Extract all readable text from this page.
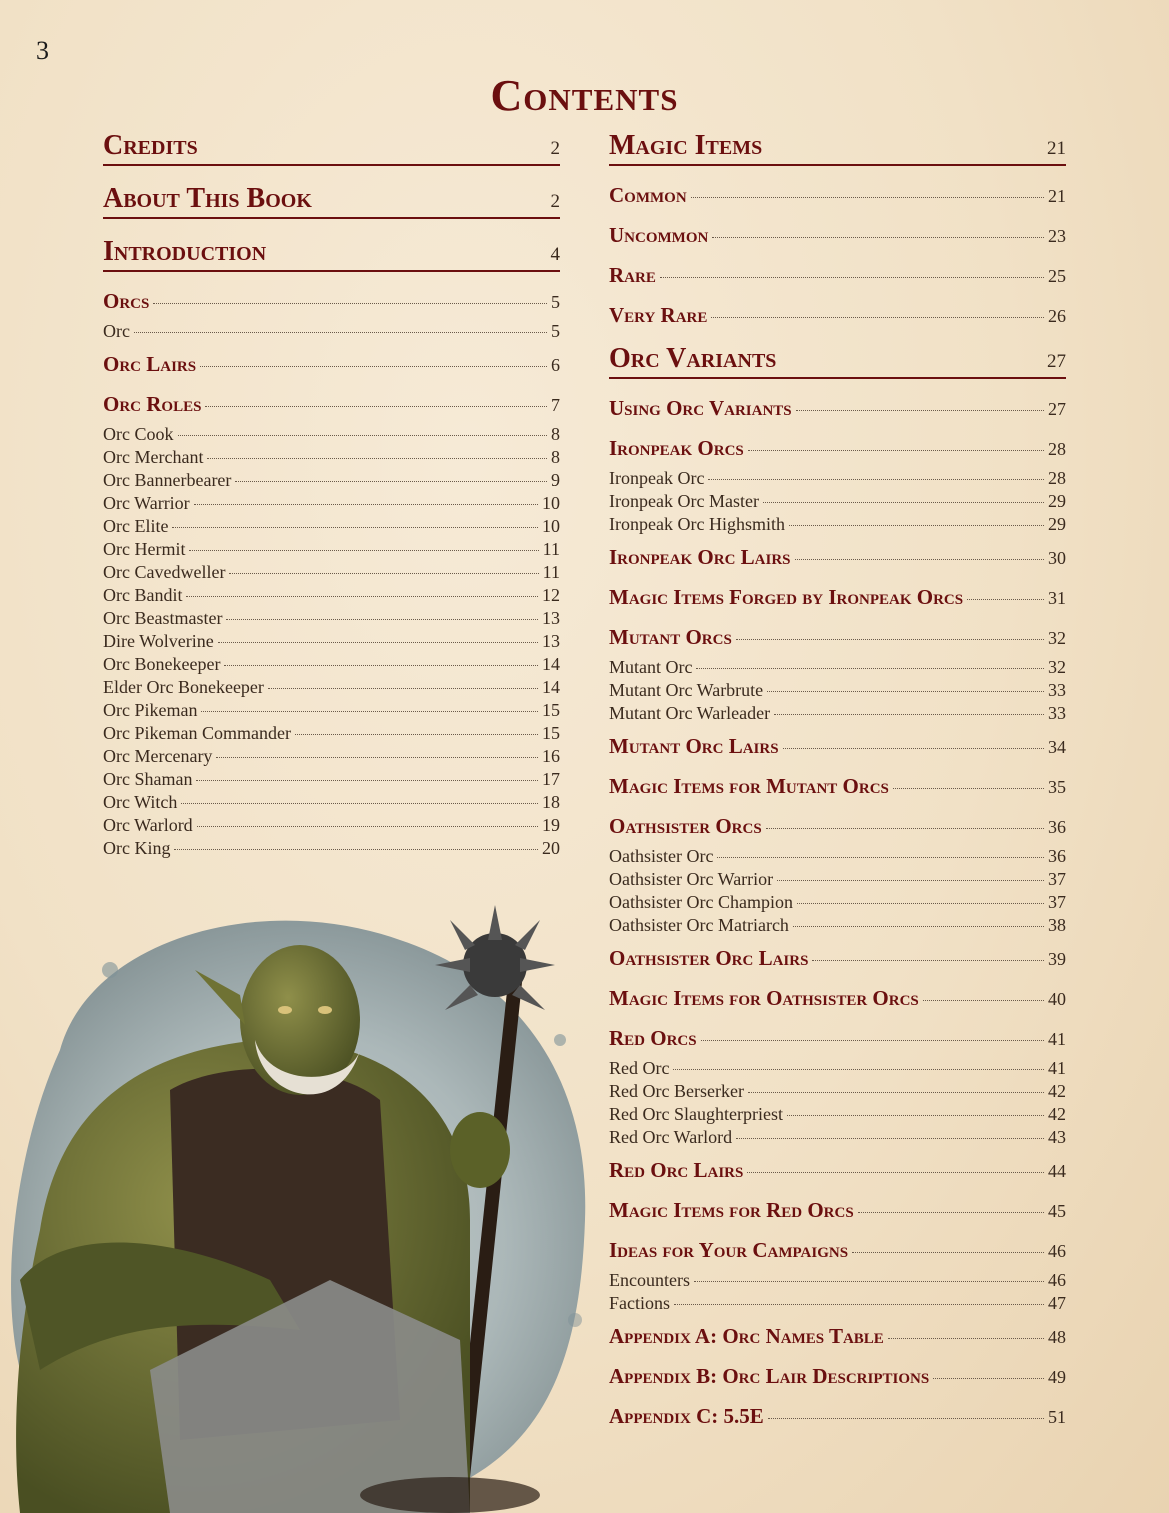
3
Contents
Credits	2
About This Book	2
Introduction	4
Orcs	5
Orc	5
Orc Lairs	6
Orc Roles	7
Orc Cook	8
Orc Merchant	8
Orc Bannerbearer	9
Orc Warrior	10
Orc Elite	10
Orc Hermit	11
Orc Cavedweller	11
Orc Bandit	12
Orc Beastmaster	13
Dire Wolverine	13
Orc Bonekeeper	14
Elder Orc Bonekeeper	14
Orc Pikeman	15
Orc Pikeman Commander	15
Orc Mercenary	16
Orc Shaman	17
Orc Witch	18
Orc Warlord	19
Orc King	20
Magic Items	21
Common	21
Uncommon	23
Rare	25
Very Rare	26
Orc Variants	27
Using Orc Variants	27
Ironpeak Orcs	28
Ironpeak Orc	28
Ironpeak Orc Master	29
Ironpeak Orc Highsmith	29
Ironpeak Orc Lairs	30
Magic Items Forged by Ironpeak Orcs	31
Mutant Orcs	32
Mutant Orc	32
Mutant Orc Warbrute	33
Mutant Orc Warleader	33
Mutant Orc Lairs	34
Magic Items for Mutant Orcs	35
Oathsister Orcs	36
Oathsister Orc	36
Oathsister Orc Warrior	37
Oathsister Orc Champion	37
Oathsister Orc Matriarch	38
Oathsister Orc Lairs	39
Magic Items for Oathsister Orcs	40
Red Orcs	41
Red Orc	41
Red Orc Berserker	42
Red Orc Slaughterpriest	42
Red Orc Warlord	43
Red Orc Lairs	44
Magic Items for Red Orcs	45
Ideas for Your Campaigns	46
Encounters	46
Factions	47
Appendix A: Orc Names Table	48
Appendix B: Orc Lair Descriptions	49
Appendix C: 5.5E	51
